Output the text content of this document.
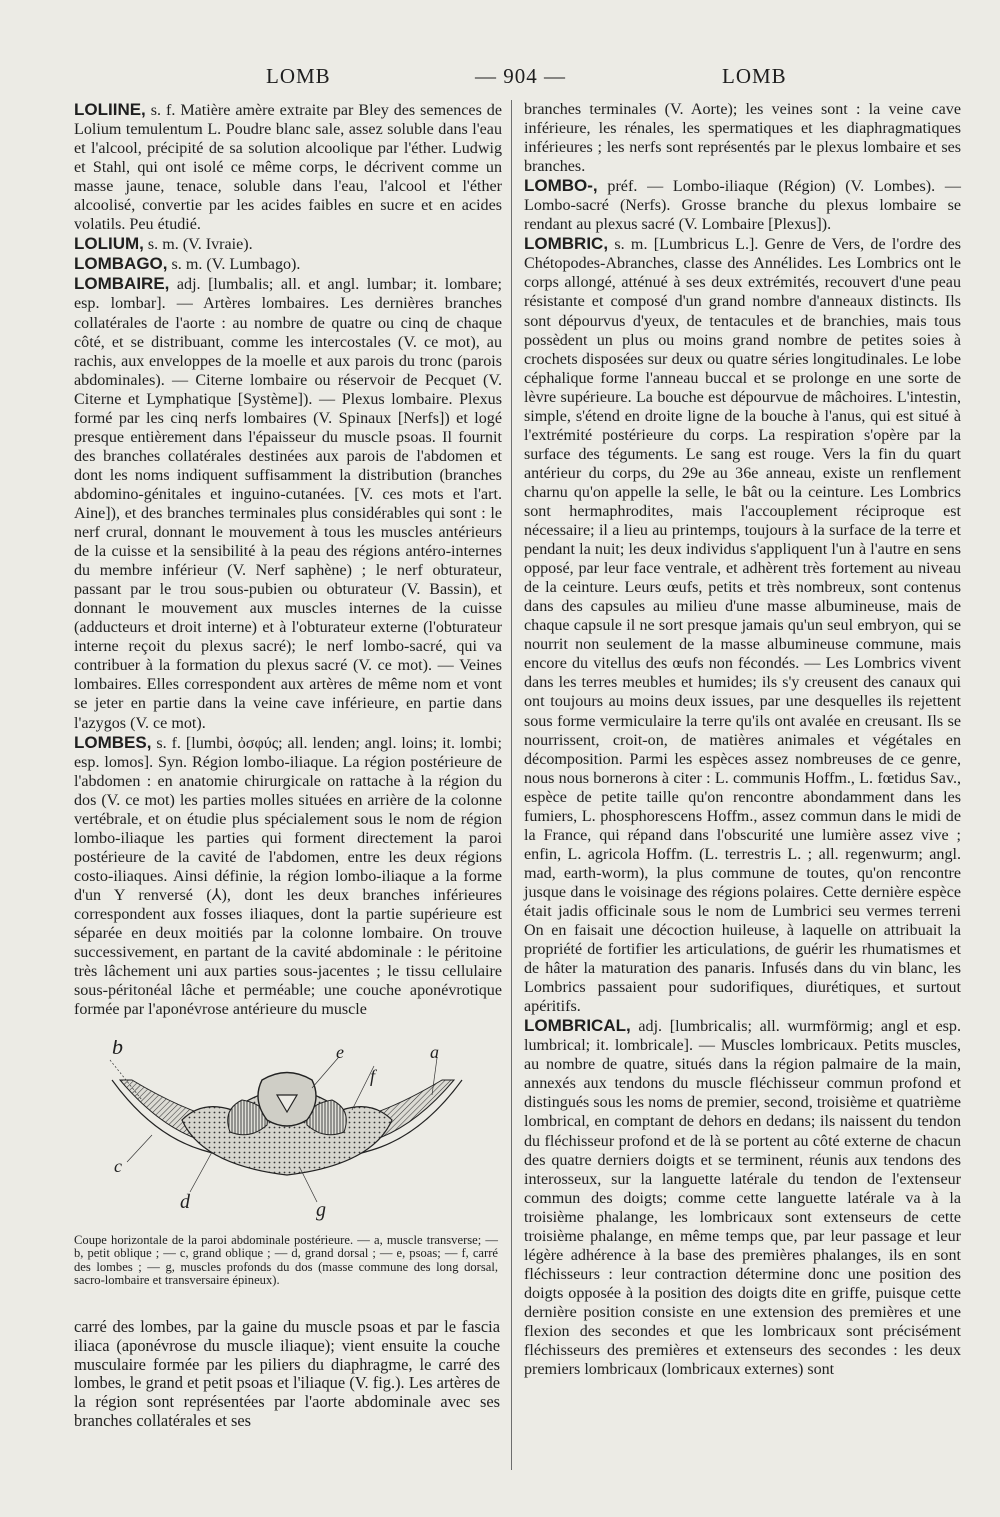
LOMB	— 904 —	LOMB

LOLIINE, s. f. Matière amère extraite par Bley des semences de Lolium temulentum L. Poudre blanc sale, assez soluble dans l'eau et l'alcool, précipité de sa solution alcoolique par l'éther. Ludwig et Stahl, qui ont isolé ce même corps, le décrivent comme un masse jaune, tenace, soluble dans l'eau, l'alcool et l'éther alcoolisé, convertie par les acides faibles en sucre et en acides volatils. Peu étudié.

LOLIUM, s. m. (V. Ivraie).

LOMBAGO, s. m. (V. Lumbago).

LOMBAIRE, adj. [lumbalis; all. et angl. lumbar; it. lombare; esp. lombar]. — Artères lombaires. Les dernières branches collatérales de l'aorte : au nombre de quatre ou cinq de chaque côté, et se distribuant, comme les intercostales (V. ce mot), au rachis, aux enveloppes de la moelle et aux parois du tronc (parois abdominales). — Citerne lombaire ou réservoir de Pecquet (V. Citerne et Lymphatique [Système]). — Plexus lombaire. Plexus formé par les cinq nerfs lombaires (V. Spinaux [Nerfs]) et logé presque entièrement dans l'épaisseur du muscle psoas. Il fournit des branches collatérales destinées aux parois de l'abdomen et dont les noms indiquent suffisamment la distribution (branches abdomino-génitales et inguino-cutanées. [V. ces mots et l'art. Aine]), et des branches terminales plus considérables qui sont : le nerf crural, donnant le mouvement à tous les muscles antérieurs de la cuisse et la sensibilité à la peau des régions antéro-internes du membre inférieur (V. Nerf saphène) ; le nerf obturateur, passant par le trou sous-pubien ou obturateur (V. Bassin), et donnant le mouvement aux muscles internes de la cuisse (adducteurs et droit interne) et à l'obturateur externe (l'obturateur interne reçoit du plexus sacré); le nerf lombo-sacré, qui va contribuer à la formation du plexus sacré (V. ce mot). — Veines lombaires. Elles correspondent aux artères de même nom et vont se jeter en partie dans la veine cave inférieure, en partie dans l'azygos (V. ce mot).

LOMBES, s. f. [lumbi, ὀσφύς; all. lenden; angl. loins; it. lombi; esp. lomos]. Syn. Région lombo-iliaque. La région postérieure de l'abdomen : en anatomie chirurgicale on rattache à la région du dos (V. ce mot) les parties molles situées en arrière de la colonne vertébrale, et on étudie plus spécialement sous le nom de région lombo-iliaque les parties qui forment directement la paroi postérieure de la cavité de l'abdomen, entre les deux régions costo-iliaques. Ainsi définie, la région lombo-iliaque a la forme d'un Y renversé (⅄), dont les deux branches inférieures correspondent aux fosses iliaques, dont la partie supérieure est séparée en deux moitiés par la colonne lombaire. On trouve successivement, en partant de la cavité abdominale : le péritoine très lâchement uni aux parties sous-jacentes ; le tissu cellulaire sous-péritonéal lâche et perméable; une couche aponévrotique formée par l'aponévrose antérieure du muscle

b	e	a
f
c
d	g
Coupe horizontale de la paroi abdominale postérieure. — a, muscle transverse; — b, petit oblique ; — c, grand oblique ; — d, grand dorsal ; — e, psoas; — f, carré des lombes ; — g, muscles profonds du dos (masse commune des long dorsal, sacro-lombaire et transversaire épineux).

carré des lombes, par la gaine du muscle psoas et par le fascia iliaca (aponévrose du muscle iliaque); vient ensuite la couche musculaire formée par les piliers du diaphragme, le carré des lombes, le grand et petit psoas et l'iliaque (V. fig.). Les artères de la région sont représentées par l'aorte abdominale avec ses branches collatérales et ses

branches terminales (V. Aorte); les veines sont : la veine cave inférieure, les rénales, les spermatiques et les diaphragmatiques inférieures ; les nerfs sont représentés par le plexus lombaire et ses branches.

LOMBO-, préf. — Lombo-iliaque (Région) (V. Lombes). — Lombo-sacré (Nerfs). Grosse branche du plexus lombaire se rendant au plexus sacré (V. Lombaire [Plexus]).

LOMBRIC, s. m. [Lumbricus L.]. Genre de Vers, de l'ordre des Chétopodes-Abranches, classe des Annélides. Les Lombrics ont le corps allongé, atténué à ses deux extrémités, recouvert d'une peau résistante et composé d'un grand nombre d'anneaux distincts. Ils sont dépourvus d'yeux, de tentacules et de branchies, mais tous possèdent un plus ou moins grand nombre de petites soies à crochets disposées sur deux ou quatre séries longitudinales. Le lobe céphalique forme l'anneau buccal et se prolonge en une sorte de lèvre supérieure. La bouche est dépourvue de mâchoires. L'intestin, simple, s'étend en droite ligne de la bouche à l'anus, qui est situé à l'extrémité postérieure du corps. La respiration s'opère par la surface des téguments. Le sang est rouge. Vers la fin du quart antérieur du corps, du 29e au 36e anneau, existe un renflement charnu qu'on appelle la selle, le bât ou la ceinture. Les Lombrics sont hermaphrodites, mais l'accouplement réciproque est nécessaire; il a lieu au printemps, toujours à la surface de la terre et pendant la nuit; les deux individus s'appliquent l'un à l'autre en sens opposé, par leur face ventrale, et adhèrent très fortement au niveau de la ceinture. Leurs œufs, petits et très nombreux, sont contenus dans des capsules au milieu d'une masse albumineuse, mais de chaque capsule il ne sort presque jamais qu'un seul embryon, qui se nourrit non seulement de la masse albumineuse commune, mais encore du vitellus des œufs non fécondés. — Les Lombrics vivent dans les terres meubles et humides; ils s'y creusent des canaux qui ont toujours au moins deux issues, par une desquelles ils rejettent sous forme vermiculaire la terre qu'ils ont avalée en creusant. Ils se nourrissent, croit-on, de matières animales et végétales en décomposition. Parmi les espèces assez nombreuses de ce genre, nous nous bornerons à citer : L. communis Hoffm., L. fœtidus Sav., espèce de petite taille qu'on rencontre abondamment dans les fumiers, L. phosphorescens Hoffm., assez commun dans le midi de la France, qui répand dans l'obscurité une lumière assez vive ; enfin, L. agricola Hoffm. (L. terrestris L. ; all. regenwurm; angl. mad, earth-worm), la plus commune de toutes, qu'on rencontre jusque dans le voisinage des régions polaires. Cette dernière espèce était jadis officinale sous le nom de Lumbrici seu vermes terreni On en faisait une décoction huileuse, à laquelle on attribuait la propriété de fortifier les articulations, de guérir les rhumatismes et de hâter la maturation des panaris. Infusés dans du vin blanc, les Lombrics passaient pour sudorifiques, diurétiques, et surtout apéritifs.

LOMBRICAL, adj. [lumbricalis; all. wurmförmig; angl et esp. lumbrical; it. lombricale]. — Muscles lombricaux. Petits muscles, au nombre de quatre, situés dans la région palmaire de la main, annexés aux tendons du muscle fléchisseur commun profond et distingués sous les noms de premier, second, troisième et quatrième lombrical, en comptant de dehors en dedans; ils naissent du tendon du fléchisseur profond et de là se portent au côté externe de chacun des quatre derniers doigts et se terminent, réunis aux tendons des interosseux, sur la languette latérale du tendon de l'extenseur commun des doigts; comme cette languette latérale va à la troisième phalange, les lombricaux sont extenseurs de cette troisième phalange, en même temps que, par leur passage et leur légère adhérence à la base des premières phalanges, ils en sont fléchisseurs : leur contraction détermine donc une position des doigts opposée à la position des doigts dite en griffe, puisque cette dernière position consiste en une extension des premières et une flexion des secondes et que les lombricaux sont précisément fléchisseurs des premières et extenseurs des secondes : les deux premiers lombricaux (lombricaux externes) sont
